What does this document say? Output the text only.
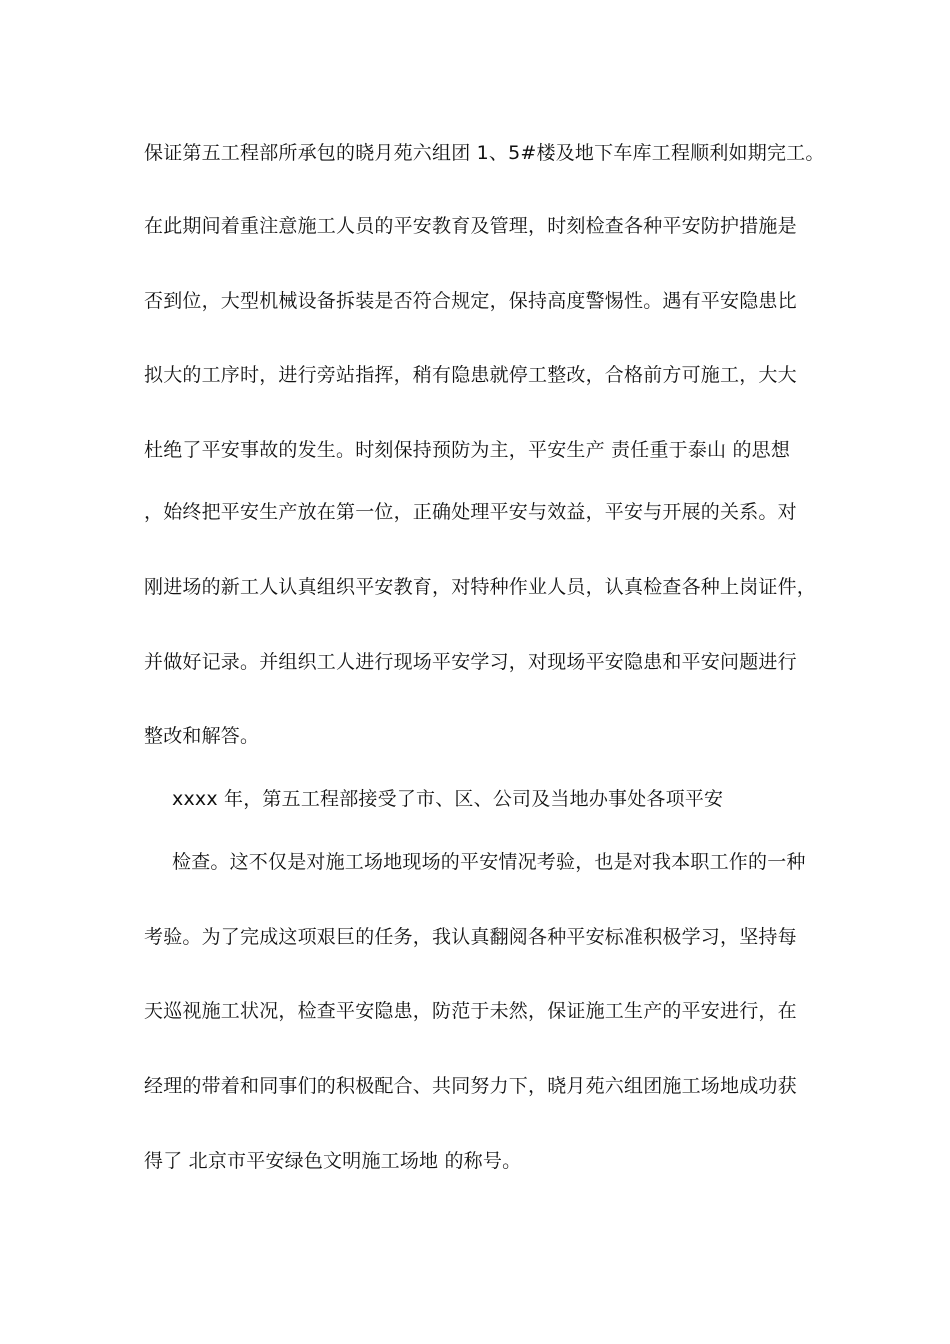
保证第五工程部所承包的晓月苑六组团 1、5#楼及地下车库工程顺利如期完工。
在此期间着重注意施工人员的平安教育及管理，时刻检查各种平安防护措施是
否到位，大型机械设备拆装是否符合规定，保持高度警惕性。遇有平安隐患比
拟大的工序时，进行旁站指挥，稍有隐患就停工整改，合格前方可施工，大大
杜绝了平安事故的发生。时刻保持预防为主，平安生产 责任重于泰山 的思想
，始终把平安生产放在第一位，正确处理平安与效益，平安与开展的关系。对
刚进场的新工人认真组织平安教育，对特种作业人员，认真检查各种上岗证件，
并做好记录。并组织工人进行现场平安学习，对现场平安隐患和平安问题进行
整改和解答。
xxxx 年，第五工程部接受了市、区、公司及当地办事处各项平安
检查。这不仅是对施工场地现场的平安情况考验，也是对我本职工作的一种
考验。为了完成这项艰巨的任务，我认真翻阅各种平安标准积极学习，坚持每
天巡视施工状况，检查平安隐患，防范于未然，保证施工生产的平安进行，在
经理的带着和同事们的积极配合、共同努力下，晓月苑六组团施工场地成功获
得了 北京市平安绿色文明施工场地 的称号。
